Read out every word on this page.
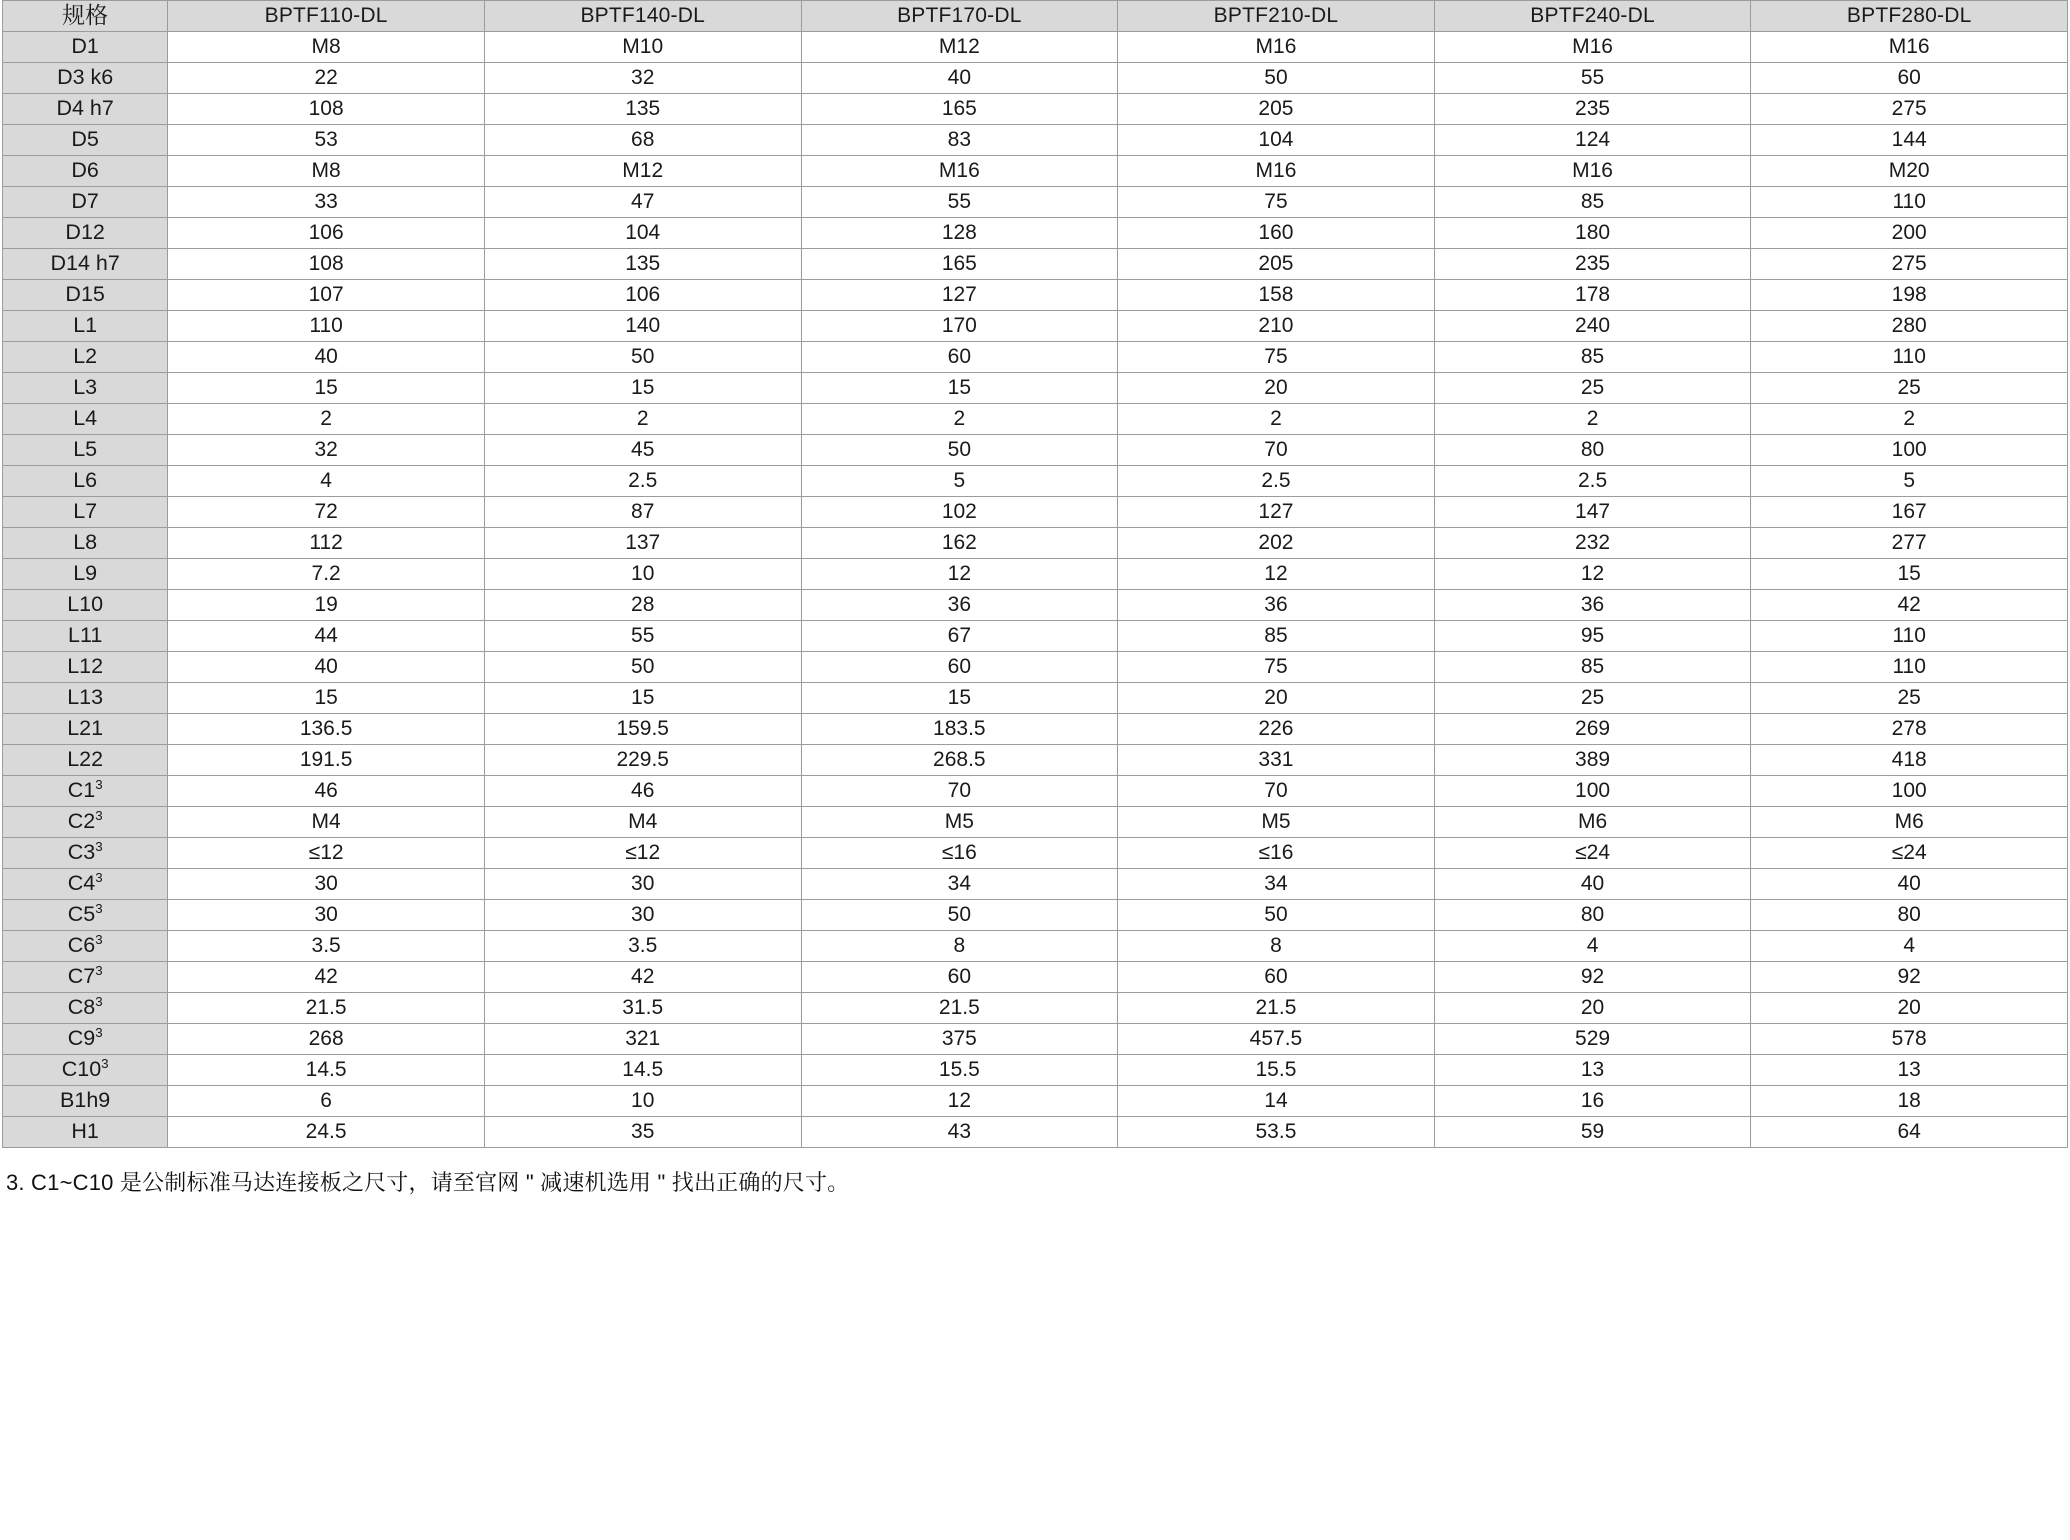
规格	BPTF110-DL	BPTF140-DL	BPTF170-DL	BPTF210-DL	BPTF240-DL	BPTF280-DL
D1	M8	M10	M12	M16	M16	M16
D3 k6	22	32	40	50	55	60
D4 h7	108	135	165	205	235	275
D5	53	68	83	104	124	144
D6	M8	M12	M16	M16	M16	M20
D7	33	47	55	75	85	110
D12	106	104	128	160	180	200
D14 h7	108	135	165	205	235	275
D15	107	106	127	158	178	198
L1	110	140	170	210	240	280
L2	40	50	60	75	85	110
L3	15	15	15	20	25	25
L4	2	2	2	2	2	2
L5	32	45	50	70	80	100
L6	4	2.5	5	2.5	2.5	5
L7	72	87	102	127	147	167
L8	112	137	162	202	232	277
L9	7.2	10	12	12	12	15
L10	19	28	36	36	36	42
L11	44	55	67	85	95	110
L12	40	50	60	75	85	110
L13	15	15	15	20	25	25
L21	136.5	159.5	183.5	226	269	278
L22	191.5	229.5	268.5	331	389	418
$C1^3$	46	46	70	70	100	100
$C2^3$	M4	M4	M5	M5	M6	M6
$C3^3$	≤12	≤12	≤16	≤16	≤24	≤24
$C4^3$	30	30	34	34	40	40
$C5^3$	30	30	50	50	80	80
$C6^3$	3.5	3.5	8	8	4	4
$C7^3$	42	42	60	60	92	92
$C8^3$	21.5	31.5	21.5	21.5	20	20
$C9^3$	268	321	375	457.5	529	578
$C10^3$	14.5	14.5	15.5	15.5	13	13
B1h9	6	10	12	14	16	18
H1	24.5	35	43	53.5	59	64
3. C1~C10 是公制标准马达连接板之尺寸，请至官网 " 减速机选用 " 找出正确的尺寸。
